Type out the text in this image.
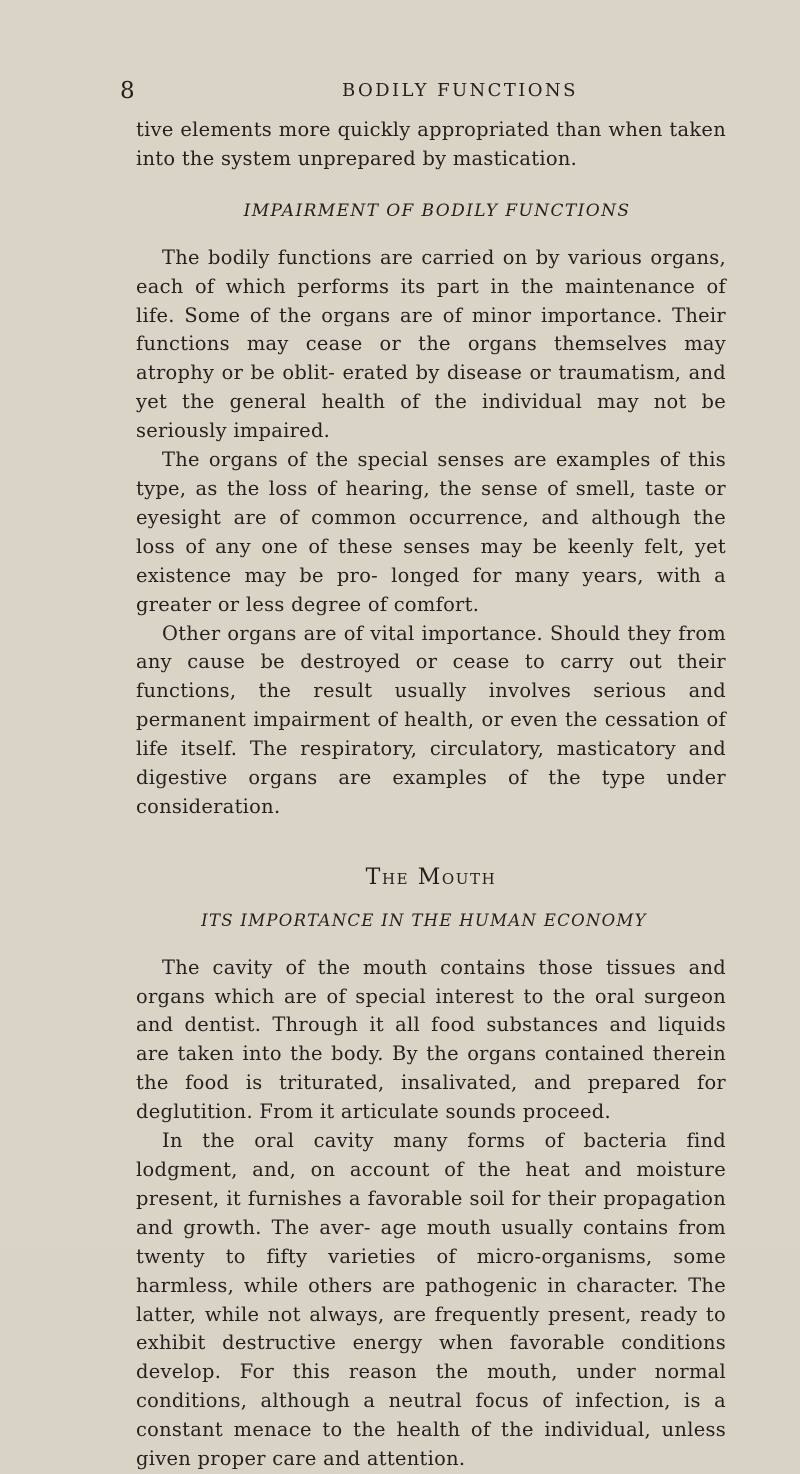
8	BODILY FUNCTIONS

tive elements more quickly appropriated than when taken into the system unprepared by mastication.

IMPAIRMENT OF BODILY FUNCTIONS

The bodily functions are carried on by various organs, each of which performs its part in the maintenance of life. Some of the organs are of minor importance. Their functions may cease or the organs themselves may atrophy or be oblit- erated by disease or traumatism, and yet the general health of the individual may not be seriously impaired.

The organs of the special senses are examples of this type, as the loss of hearing, the sense of smell, taste or eyesight are of common occurrence, and although the loss of any one of these senses may be keenly felt, yet existence may be pro- longed for many years, with a greater or less degree of comfort.

Other organs are of vital importance. Should they from any cause be destroyed or cease to carry out their functions, the result usually involves serious and permanent impairment of health, or even the cessation of life itself. The respiratory, circulatory, masticatory and digestive organs are examples of the type under consideration.

The Mouth
ITS IMPORTANCE IN THE HUMAN ECONOMY

The cavity of the mouth contains those tissues and organs which are of special interest to the oral surgeon and dentist. Through it all food substances and liquids are taken into the body. By the organs contained therein the food is triturated, insalivated, and prepared for deglutition. From it articulate sounds proceed.

In the oral cavity many forms of bacteria find lodgment, and, on account of the heat and moisture present, it furnishes a favorable soil for their propagation and growth. The aver- age mouth usually contains from twenty to fifty varieties of micro-organisms, some harmless, while others are pathogenic in character. The latter, while not always, are frequently present, ready to exhibit destructive energy when favorable conditions develop. For this reason the mouth, under normal conditions, although a neutral focus of infection, is a constant menace to the health of the individual, unless given proper care and attention.
